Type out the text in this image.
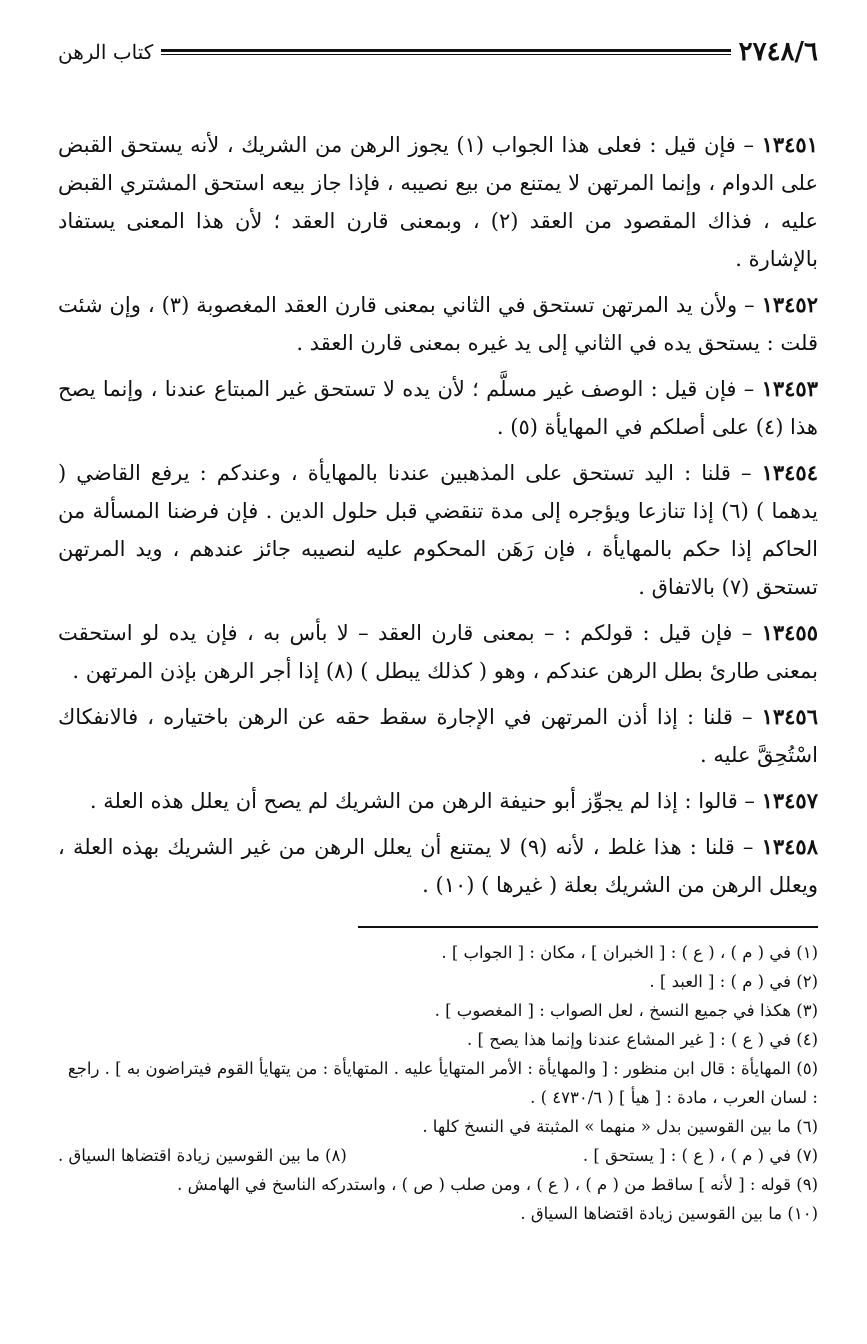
٢٧٤٨/٦
كتاب الرهن

١٣٤٥١ – فإن قيل : فعلى هذا الجواب (١) يجوز الرهن من الشريك ، لأنه يستحق القبض على الدوام ، وإنما المرتهن لا يمتنع من بيع نصيبه ، فإذا جاز بيعه استحق المشتري القبض عليه ، فذاك المقصود من العقد (٢) ، وبمعنى قارن العقد ؛ لأن هذا المعنى يستفاد بالإشارة .

١٣٤٥٢ – ولأن يد المرتهن تستحق في الثاني بمعنى قارن العقد المغصوبة (٣) ، وإن شئت قلت : يستحق يده في الثاني إلى يد غيره بمعنى قارن العقد .

١٣٤٥٣ – فإن قيل : الوصف غير مسلَّم ؛ لأن يده لا تستحق غير المبتاع عندنا ، وإنما يصح هذا (٤) على أصلكم في المهايأة (٥) .

١٣٤٥٤ – قلنا : اليد تستحق على المذهبين عندنا بالمهايأة ، وعندكم : يرفع القاضي ( يدهما ) (٦) إذا تنازعا ويؤجره إلى مدة تنقضي قبل حلول الدين . فإن فرضنا المسألة من الحاكم إذا حكم بالمهايأة ، فإن رَهَن المحكوم عليه لنصيبه جائز عندهم ، ويد المرتهن تستحق (٧) بالاتفاق .

١٣٤٥٥ – فإن قيل : قولكم : – بمعنى قارن العقد – لا بأس به ، فإن يده لو استحقت بمعنى طارئ بطل الرهن عندكم ، وهو ( كذلك يبطل ) (٨) إذا أجر الرهن بإذن المرتهن .

١٣٤٥٦ – قلنا : إذا أذن المرتهن في الإجارة سقط حقه عن الرهن باختياره ، فالانفكاك اسْتُحِقَّ عليه .

١٣٤٥٧ – قالوا : إذا لم يجوِّز أبو حنيفة الرهن من الشريك لم يصح أن يعلل هذه العلة .

١٣٤٥٨ – قلنا : هذا غلط ، لأنه (٩) لا يمتنع أن يعلل الرهن من غير الشريك بهذه العلة ، ويعلل الرهن من الشريك بعلة ( غيرها ) (١٠) .

(١) في ( م ) ، ( ع ) : [ الخبران ] ، مكان : [ الجواب ] .

(٢) في ( م ) : [ العبد ] .

(٣) هكذا في جميع النسخ ، لعل الصواب : [ المغصوب ] .

(٤) في ( ع ) : [ غير المشاع عندنا وإنما هذا يصح ] .

(٥) المهايأة : قال ابن منظور : [ والمهايأة : الأمر المتهايأ عليه . المتهايأة : من يتهايأ القوم فيتراضون به ] . راجع : لسان العرب ، مادة : [ هيأ ] ( ٤٧٣٠/٦ ) .

(٦) ما بين القوسين بدل « منهما » المثبتة في النسخ كلها .

(٧) في ( م ) ، ( ع ) : [ يستحق ] .

(٨) ما بين القوسين زيادة اقتضاها السياق .

(٩) قوله : [ لأنه ] ساقط من ( م ) ، ( ع ) ، ومن صلب ( ص ) ، واستدركه الناسخ في الهامش .

(١٠) ما بين القوسين زيادة اقتضاها السياق .
